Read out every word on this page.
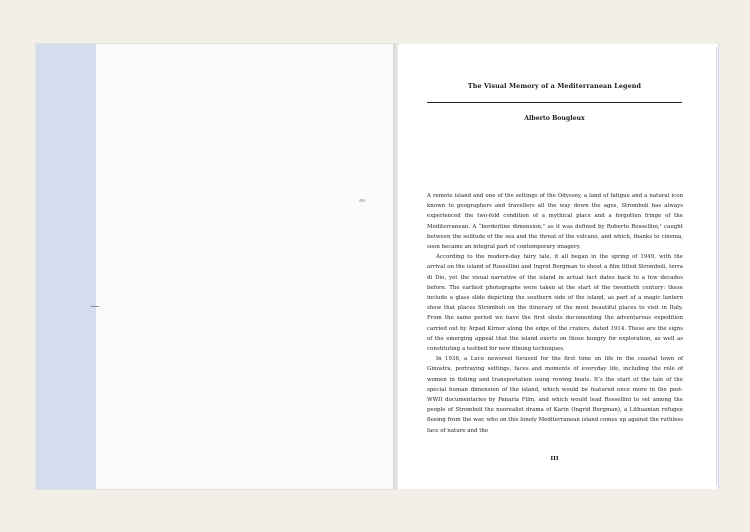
The Visual Memory of a Mediterranean Legend
Alberto Bougleux

A remote island and one of the settings of the Odyssey, a land of fatigue and a natural icon known to geographers and travellers all the way down the ages, Stromboli has always experienced the two-fold condition of a mythical place and a forgotten fringe of the Mediterranean. A “borderline dimension,” as it was defined by Roberto Rossellini,¹ caught between the solitude of the sea and the threat of the volcano, and which, thanks to cinema, soon became an integral part of contemporary imagery.

According to the modern-day fairy tale, it all began in the spring of 1949, with the arrival on the island of Rossellini and Ingrid Bergman to shoot a film titled Stromboli, terra di Dio, yet the visual narrative of the island in actual fact dates back to a few decades before. The earliest photographs were taken at the start of the twentieth century: these include a glass slide depicting the southern side of the island, as part of a magic lantern show that places Stromboli on the itinerary of the most beautiful places to visit in Italy. From the same period we have the first shots documenting the adventurous expedition carried out by Arpad Kirner along the edge of the craters, dated 1914. These are the signs of the emerging appeal that the island exerts on those hungry for exploration, as well as constituting a testbed for new filming techniques.

In 1936, a Luce newsreel focused for the first time on life in the coastal town of Ginostra, portraying settings, faces and moments of everyday life, including the role of women in fishing and transportation using rowing boats. It’s the start of the tale of the special human dimension of the island, which would be featured once more in the post-WWII documentaries by Panaria Film, and which would lead Rossellini to set among the people of Stromboli the neorealist drama of Karin (Ingrid Bergman), a Lithuanian refugee fleeing from the war, who on this lonely Mediterranean island comes up against the ruthless face of nature and the

III
